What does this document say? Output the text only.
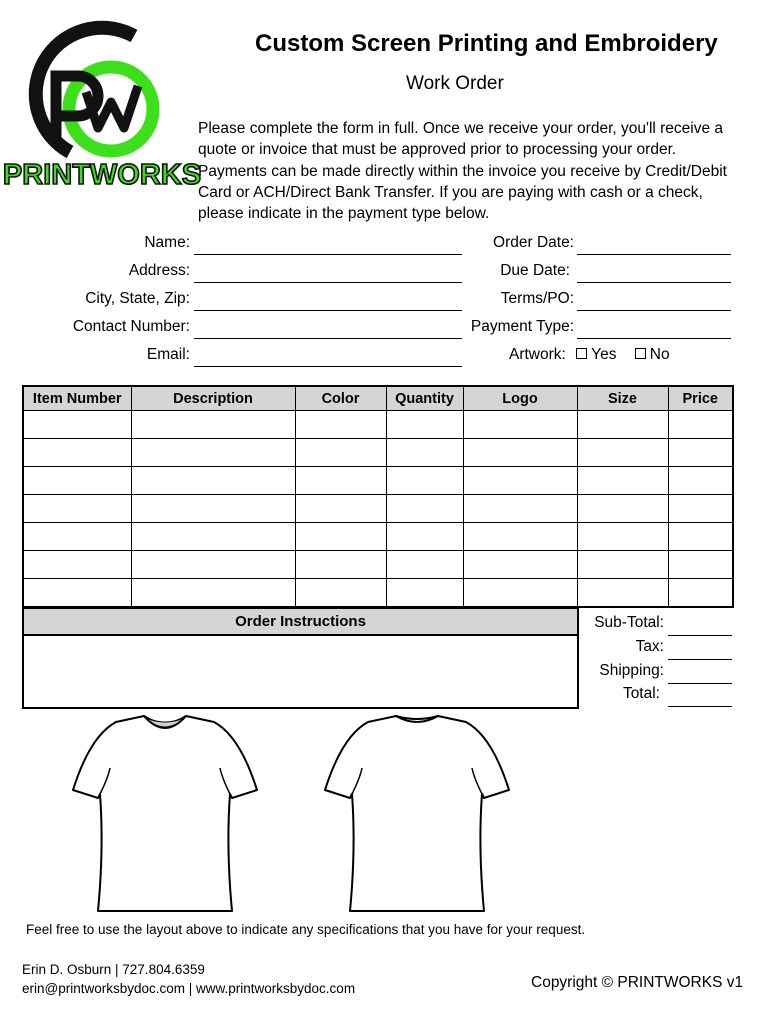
PRINTWORKS
Custom Screen Printing and Embroidery
Work Order
Please complete the form in full. Once we receive your order, you'll receive a quote or invoice that must be approved prior to processing your order. Payments can be made directly within the invoice you receive by Credit/Debit Card or ACH/Direct Bank Transfer. If you are paying with cash or a check, please indicate in the payment type below.
Name:
Address:
City, State, Zip:
Contact Number:
Email:
Order Date:
Due Date:
Terms/PO:
Payment Type:
Artwork: Yes No
Item Number	Description	Color	Quantity	Logo	Size	Price

Order Instructions	Sub-Total:
Tax:
Shipping:
Total:
Feel free to use the layout above to indicate any specifications that you have for your request.
Erin D. Osburn | 727.804.6359
erin@printworksbydoc.com | www.printworksbydoc.com	Copyright © PRINTWORKS v1
